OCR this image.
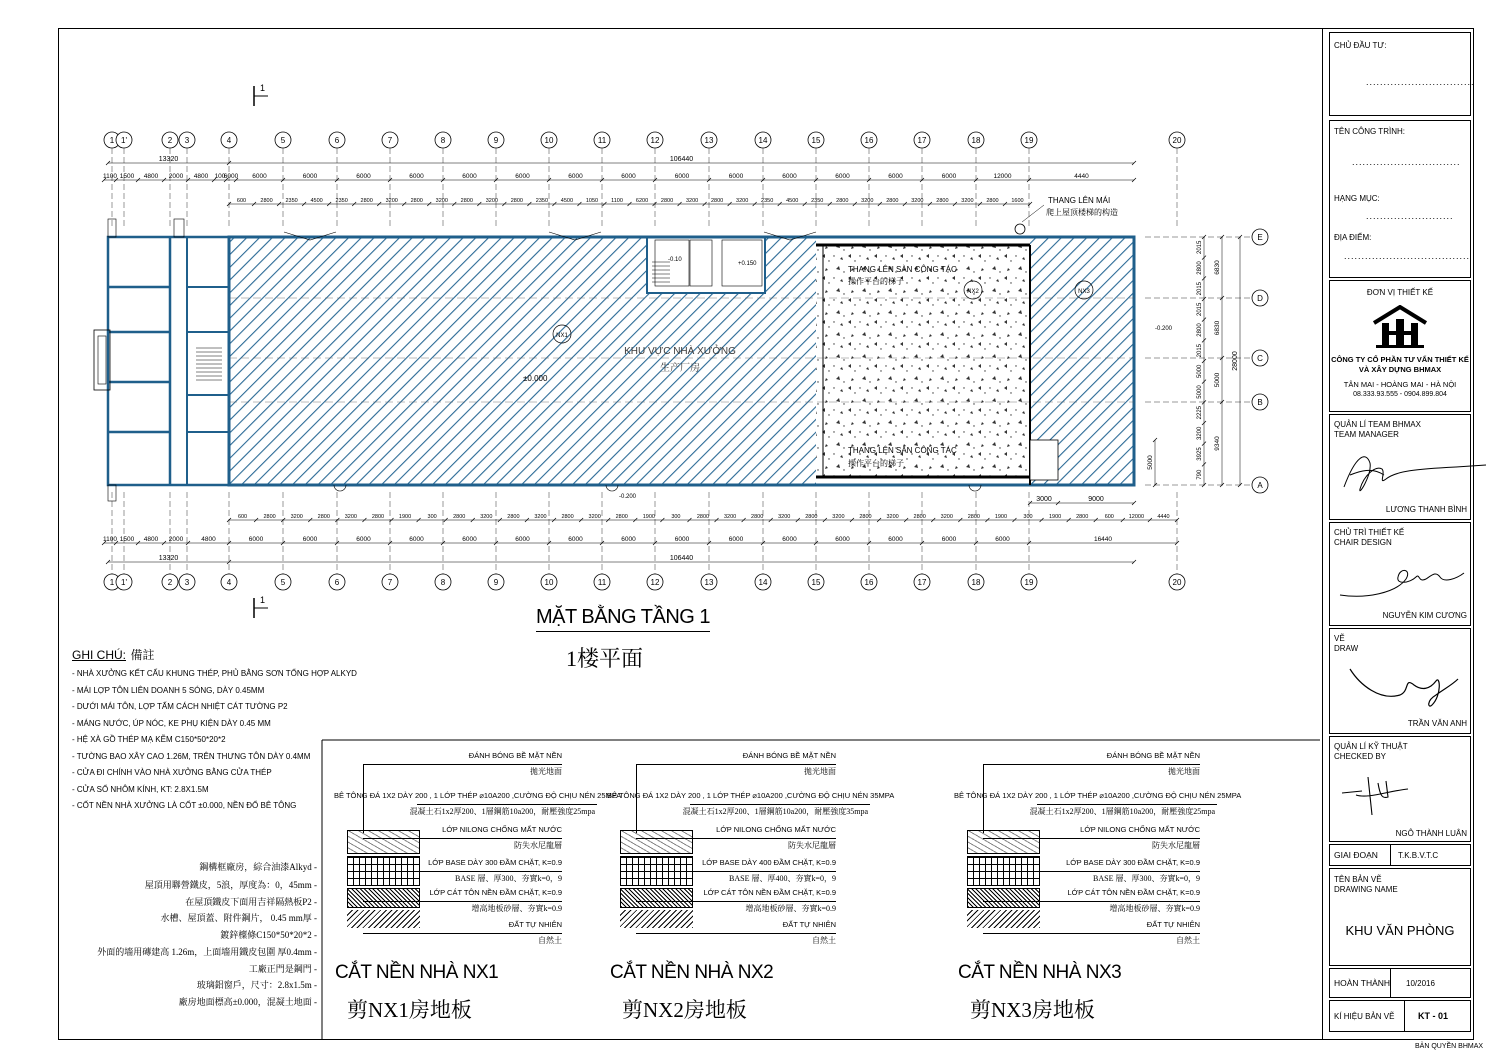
1 1'	2 3	4	5	6	7	8	9	10	11	12	13	14	15	16	17	18	19	20
1 1'	2 3	4	5	6	7	8	9	10	11	12	13	14	15	16	17	18	19	20
E
D
C
B
A
1
1
KHU VỰC NHÀ XƯỞNG
生产厂房
±0.000
+0.150
-0.10
-0.200
-0.200
NX1
NX2	NX3
THANG LÊN SÀN CÔNG TÁC
操作平台的梯子
THANG LÊN SÀN CÔNG TÁC
操作平台的梯子
THANG LÊN MÁI
爬上屋顶楼梯的构造
13320	106440
1100 1500 4800 2000 4800 100
6000 6000	6000	6000	6000	6000	6000	6000	6000	6000	6000	6000	6000	6000	6000	12000	4440
600	2800 2350 4500 2350 2800 3200 2800 3200 2800 3200 2800 2350 4500 1050 1100 6200 2800 3200 2800 3200 2350 4500 2350 2800 3200 2800 3200 2800 3200 2800 1600
600	2800	3200	2800	3200	2800	1900	300	2800	3200	2800	3200	2800	3200	2800	1900	300	2800	3200	2800	3200	2800	3200	2800	3200	2800	3200	2800	1900	300	1900	2800	600	12000 4440
1100 1500 4800 2000	4800	6000	6000	6000	6000	6000	6000	6000	6000	6000	6000	6000	6000	6000	6000	6000	16440
13320	106440
3000	9000
2015
2800
2015
2015
2800
2015
5000
5000
2225
3200
3925
790
6830
6830
5000
9340
28000
5000
MẶT BẰNG TẦNG 1
1楼平面
GHI CHÚ: 備註
- NHÀ XƯỞNG KẾT CẤU KHUNG THÉP, PHỦ BẰNG SƠN TỔNG HỢP ALKYD
- MÁI LỢP TÔN LIÊN DOANH 5 SÓNG, DÀY 0.45MM
- DƯỚI MÁI TÔN, LỢP TẤM CÁCH NHIỆT CÁT TƯỜNG P2
- MÁNG NƯỚC, ÚP NÓC, KE PHỤ KIỆN DÀY 0.45 MM
- HỆ XÀ GỒ THÉP MẠ KẼM C150*50*20*2
- TƯỜNG BAO XÂY CAO 1.26M, TRÊN THƯNG TÔN DÀY 0.4MM
- CỬA ĐI CHÍNH VÀO NHÀ XƯỞNG BẰNG CỬA THÉP
- CỬA SỔ NHÔM KÍNH, KT: 2.8X1.5M
- CỐT NỀN NHÀ XƯỞNG LÀ CỐT ±0.000, NỀN ĐỔ BÊ TÔNG
鋼構框廠房，綜合油漆Alkyd -
屋頂用聯營鐵皮，5浪，厚度為：0，45mm -
在屋頂鐵皮下面用吉祥隔熱板P2 -
水槽、屋頂蓋、附件鋼片， 0.45 mm厚 -
鍍鋅檁條C150*50*20*2 -
外面的墻用磚建高 1.26m，上面墻用鐵皮包圍 厚0.4mm -
工廠正門是鋼門 -
玻璃鋁窗戶，尺寸：2.8x1.5m -
廠房地面標高±0.000，混凝土地面 -
ĐÁNH BÓNG BỀ MẶT NỀN
拋光地面
BÊ TÔNG ĐÁ 1X2 DÀY 200 , 1 LỚP THÉP ⌀10A200 ,CƯỜNG ĐỘ CHỊU NÉN 25MPA
混凝土石1x2厚200、1層鋼筋10a200，耐壓強度25mpa
LỚP NILONG CHỐNG MẤT NƯỚC
防失水尼龍層
LỚP BASE DÀY 300 ĐẦM CHẶT, K=0.9
BASE 層、厚300、夯實k=0，9
LỚP CÁT TÔN NỀN ĐẦM CHẶT, K=0.9
增高地板砂層、夯實k=0.9
ĐẤT TỰ NHIÊN
自然土
CẮT NỀN NHÀ NX1
剪NX1房地板
ĐÁNH BÓNG BỀ MẶT NỀN
拋光地面
BÊ TÔNG ĐÁ 1X2 DÀY 200 , 1 LỚP THÉP ⌀10A200 ,CƯỜNG ĐỘ CHỊU NÉN 35MPA
混凝土石1x2厚200、1層鋼筋10a200，耐壓強度35mpa
LỚP NILONG CHỐNG MẤT NƯỚC
防失水尼龍層
LỚP BASE DÀY 400 ĐẦM CHẶT, K=0.9
BASE 層、厚400、夯實k=0，9
LỚP CÁT TÔN NỀN ĐẦM CHẶT, K=0.9
增高地板砂層、夯實k=0.9
ĐẤT TỰ NHIÊN
自然土
CẮT NỀN NHÀ NX2
剪NX2房地板
ĐÁNH BÓNG BỀ MẶT NỀN
拋光地面
BÊ TÔNG ĐÁ 1X2 DÀY 200 , 1 LỚP THÉP ⌀10A200 ,CƯỜNG ĐỘ CHỊU NÉN 25MPA
混凝土石1x2厚200、1層鋼筋10a200，耐壓強度25mpa
LỚP NILONG CHỐNG MẤT NƯỚC
防失水尼龍層
LỚP BASE DÀY 300 ĐẦM CHẶT, K=0.9
BASE 層、厚300、夯實k=0，9
LỚP CÁT TÔN NỀN ĐẦM CHẶT, K=0.9
增高地板砂層、夯實k=0.9
ĐẤT TỰ NHIÊN
自然土
CẮT NỀN NHÀ NX3
剪NX3房地板
CHỦ ĐẦU TƯ:
...............................
TÊN CÔNG TRÌNH:
...............................
HẠNG MỤC:
.........................
ĐỊA ĐIỂM:
....................................
ĐƠN VỊ THIẾT KẾ
CÔNG TY CỔ PHẦN TƯ VẤN THIẾT KẾ
VÀ XÂY DỰNG BHMAX
TÂN MAI - HOÀNG MAI - HÀ NỘI
08.333.93.555 - 0904.899.804
QUẢN LÍ TEAM BHMAX
TEAM MANAGER
LƯƠNG THANH BÌNH
CHỦ TRÌ THIẾT KẾ
CHAIR DESIGN
NGUYỄN KIM CƯƠNG
VẼ
DRAW
TRẦN VĂN ANH
QUẢN LÍ KỸ THUẬT
CHECKED BY
NGÔ THÀNH LUÂN
GIAI ĐOẠN	T.K.B.V.T.C
TÊN BẢN VẼ
DRAWING NAME
KHU VĂN PHÒNG
HOÀN THÀNH 10/2016
KÍ HIỆU BẢN VẼ	KT - 01
BẢN QUYỀN BHMAX
